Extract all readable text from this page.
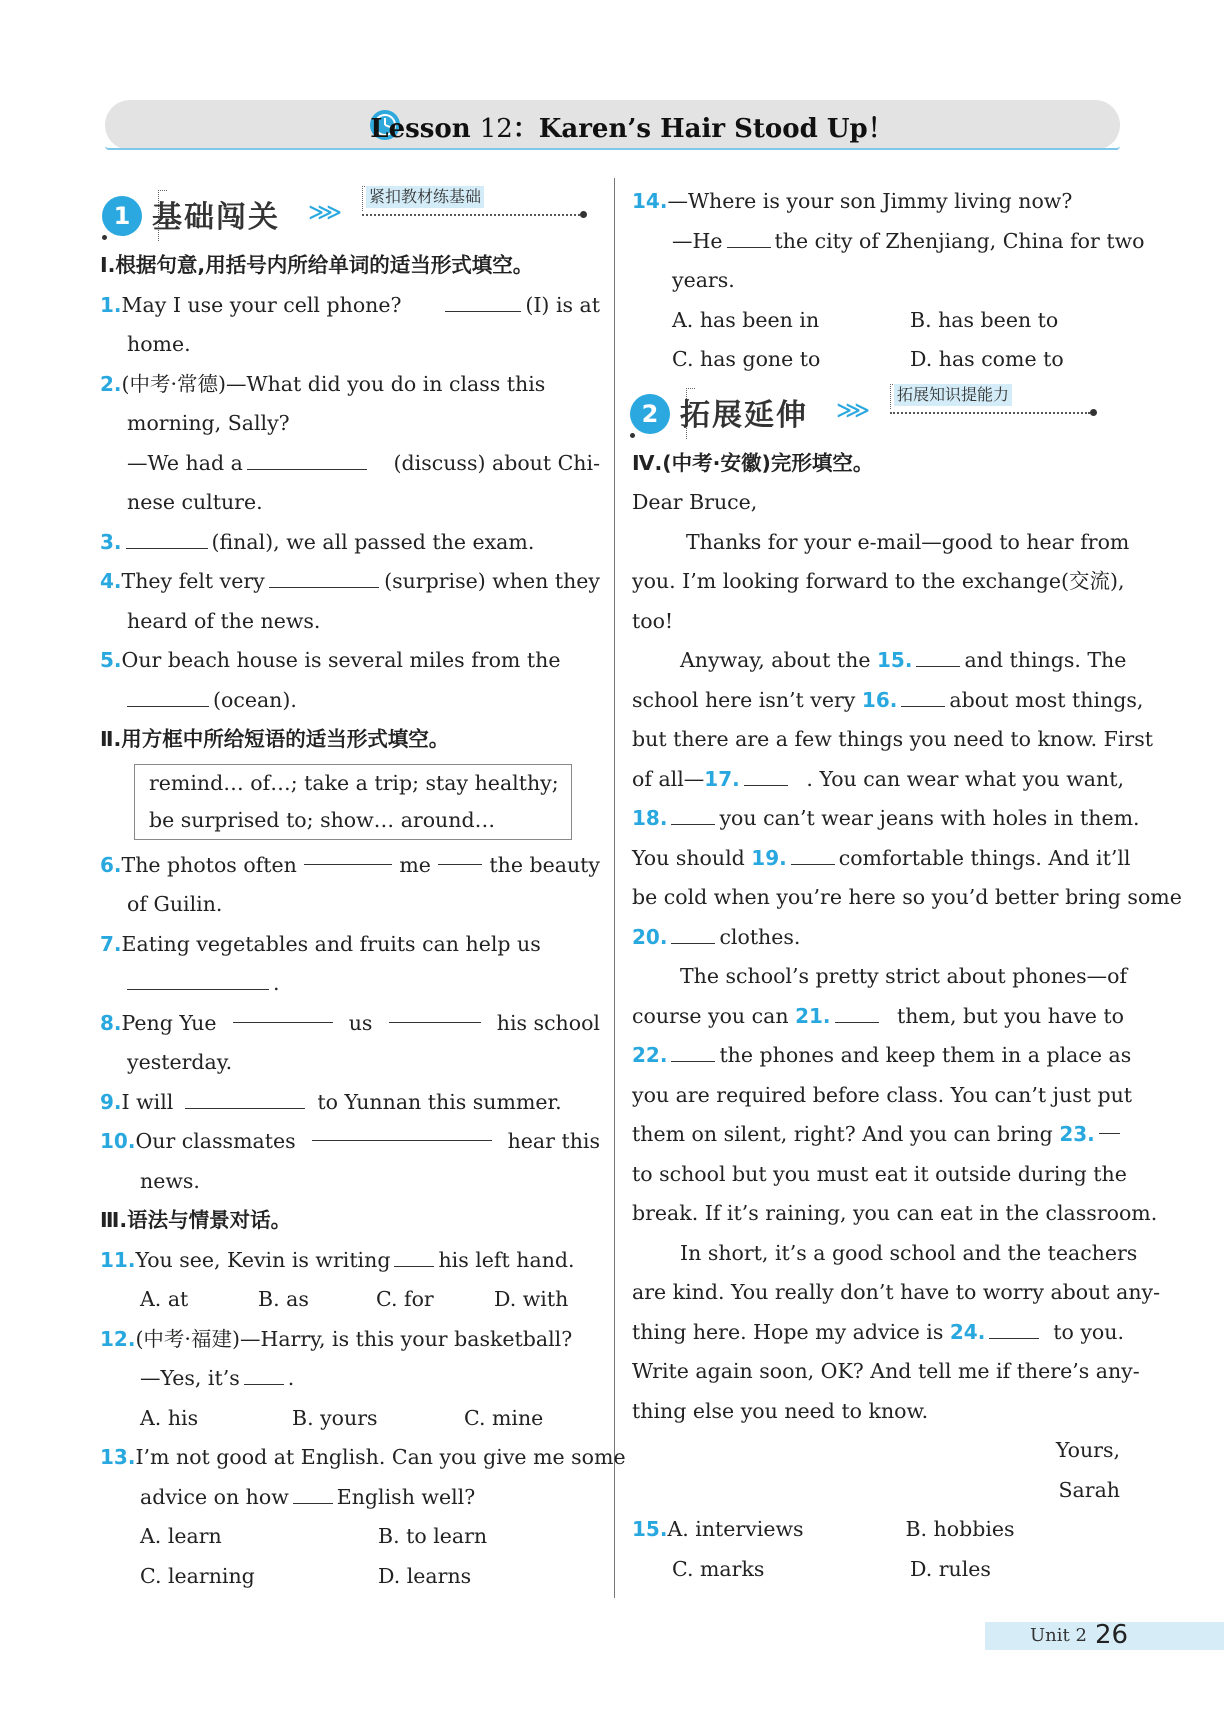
Lesson 12：Karen’s Hair Stood Up！
1 基础闯关 ⋙
紧扣教材练基础
Ⅰ.根据句意,用括号内所给单词的适当形式填空。
1.May I use your cell phone?	(I) is at
home.
2.(中考·常德)—What did you do in class this
morning, Sally?
—We had a	(discuss) about Chi-
nese culture.
3.	(final), we all passed the exam.
4.They felt very	(surprise) when they
heard of the news.
5.Our beach house is several miles from the
(ocean).
Ⅱ.用方框中所给短语的适当形式填空。
remind… of…; take a trip; stay healthy;
be surprised to; show… around…
6.The photos often	me	the beauty
of Guilin.
7.Eating vegetables and fruits can help us
.
8.Peng Yue	us	his school
yesterday.
9.I will	to Yunnan this summer.
10.Our classmates	hear this
news.
Ⅲ.语法与情景对话。
11.You see, Kevin is writing his left hand.
A. at	B. as	C. for	D. with
12.(中考·福建)—Harry, is this your basketball?
—Yes, it’s .
A. his	B. yours	C. mine
13.I’m not good at English. Can you give me some
advice on how English well?
A. learn	B. to learn
C. learning	D. learns
14.—Where is your son Jimmy living now?
—He	the city of Zhenjiang, China for two
years.
A. has been in	B. has been to
C. has gone to	D. has come to
2 拓展延伸 ⋙
拓展知识提能力
Ⅳ.(中考·安徽)完形填空。
Dear Bruce,
Thanks for your e-mail—good to hear from
you. I’m looking forward to the exchange(交流),
too!
Anyway, about the 15.	and things. The
school here isn’t very 16.	about most things,
but there are a few things you need to know. First
of all—17.	. You can wear what you want,
18.	you can’t wear jeans with holes in them.
You should 19.	comfortable things. And it’ll
be cold when you’re here so you’d better bring some
20.	clothes.
The school’s pretty strict about phones—of
course you can 21.	them, but you have to
22.	the phones and keep them in a place as
you are required before class. You can’t just put
them on silent, right? And you can bring 23.
to school but you must eat it outside during the
break. If it’s raining, you can eat in the classroom.
In short, it’s a good school and the teachers
are kind. You really don’t have to worry about any-
thing here. Hope my advice is 24.	to you.
Write again soon, OK? And tell me if there’s any-
thing else you need to know.
Yours,
Sarah
15.A. interviews	B. hobbies
C. marks	D. rules
Unit 2 26
